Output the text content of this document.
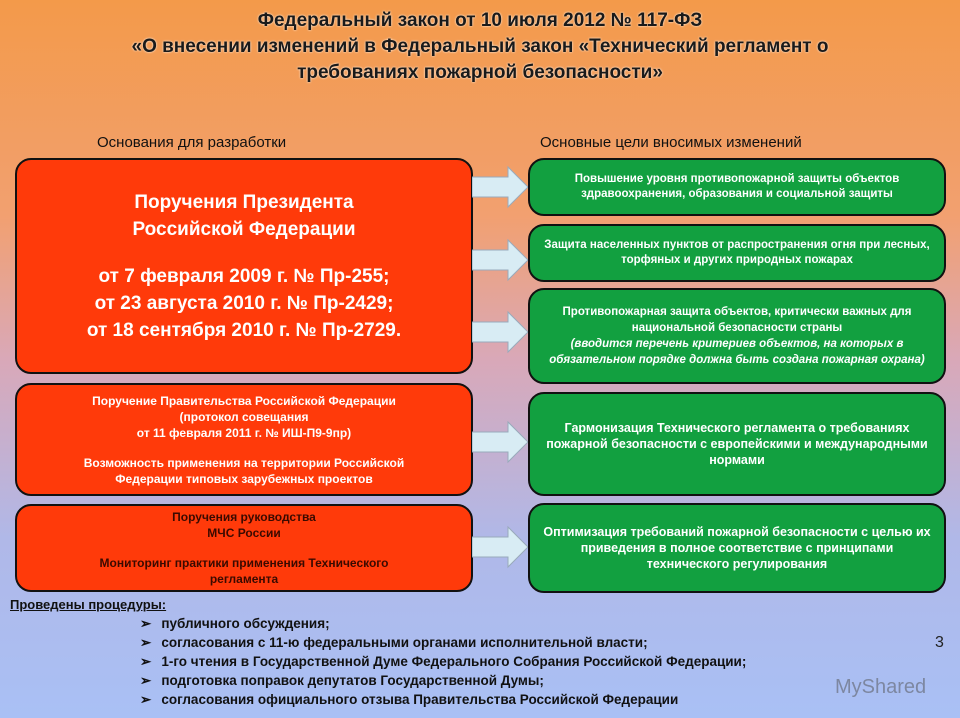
Федеральный закон от 10 июля 2012 № 117-ФЗ
«О внесении изменений в Федеральный закон «Технический регламент о
требованиях пожарной безопасности»
Основания для разработки	Основные цели вносимых изменений
Поручения Президента
Российской Федерации
от 7 февраля 2009 г. № Пр-255;
от 23 августа 2010 г. № Пр-2429;
от 18 сентября 2010 г. № Пр-2729.
Поручение Правительства Российской Федерации
(протокол совещания
от 11 февраля 2011 г. № ИШ-П9-9пр)
Возможность применения на территории Российской
Федерации типовых зарубежных проектов
Поручения руководства
МЧС России
Мониторинг практики применения Технического
регламента
Повышение уровня противопожарной защиты объектов здравоохранения, образования и социальной защиты
Защита населенных пунктов от распространения огня при лесных, торфяных и других природных пожарах
Противопожарная защита объектов, критически важных для национальной безопасности страны
(вводится перечень критериев объектов, на которых в обязательном порядке должна быть создана пожарная охрана)
Гармонизация Технического регламента о требованиях пожарной безопасности с европейскими и международными нормами
Оптимизация требований пожарной безопасности с целью их приведения в полное соответствие с принципами технического регулирования
Проведены процедуры:
➢ публичного обсуждения;
➢ согласования с 11-ю федеральными органами исполнительной власти;
➢ 1-го чтения в Государственной Думе Федерального Собрания Российской Федерации;
➢ подготовка поправок депутатов Государственной Думы;
➢ согласования официального отзыва Правительства Российской Федерации
MyShared
3
